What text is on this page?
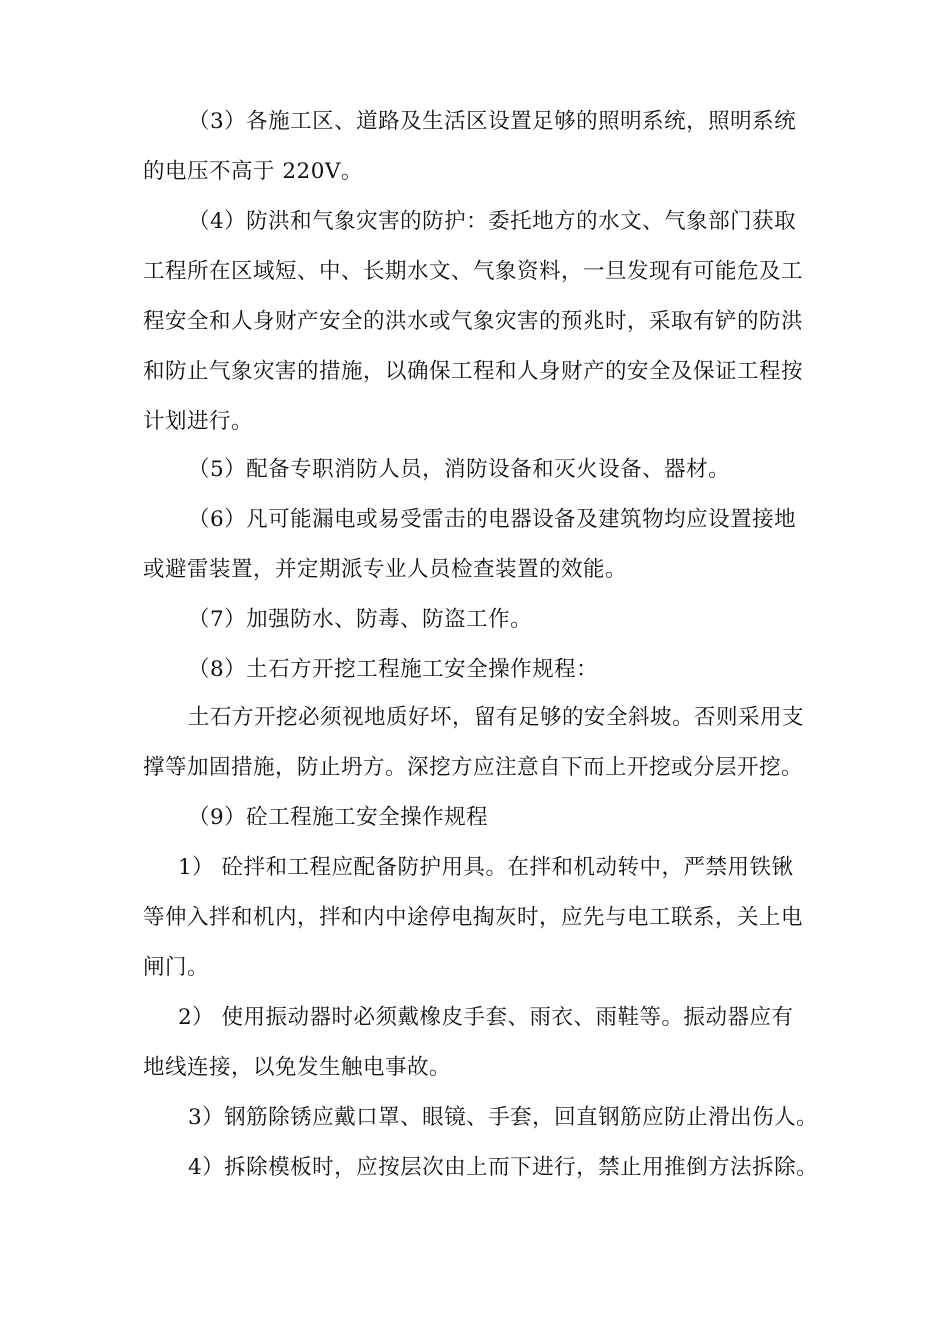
（3）各施工区、道路及生活区设置足够的照明系统，照明系统
的电压不高于 220V。

（4）防洪和气象灾害的防护：委托地方的水文、气象部门获取
工程所在区域短、中、长期水文、气象资料，一旦发现有可能危及工
程安全和人身财产安全的洪水或气象灾害的预兆时，采取有铲的防洪
和防止气象灾害的措施，以确保工程和人身财产的安全及保证工程按
计划进行。

（5）配备专职消防人员，消防设备和灭火设备、器材。

（6）凡可能漏电或易受雷击的电器设备及建筑物均应设置接地
或避雷装置，并定期派专业人员检查装置的效能。

（7）加强防水、防毒、防盗工作。

（8）土石方开挖工程施工安全操作规程：

土石方开挖必须视地质好坏，留有足够的安全斜坡。否则采用支
撑等加固措施，防止坍方。深挖方应注意自下而上开挖或分层开挖。

（9）砼工程施工安全操作规程

1） 砼拌和工程应配备防护用具。在拌和机动转中，严禁用铁锹
等伸入拌和机内，拌和内中途停电掏灰时，应先与电工联系，关上电
闸门。

2） 使用振动器时必须戴橡皮手套、雨衣、雨鞋等。振动器应有
地线连接，以免发生触电事故。

3）钢筋除锈应戴口罩、眼镜、手套，回直钢筋应防止滑出伤人。

4）拆除模板时，应按层次由上而下进行，禁止用推倒方法拆除。
